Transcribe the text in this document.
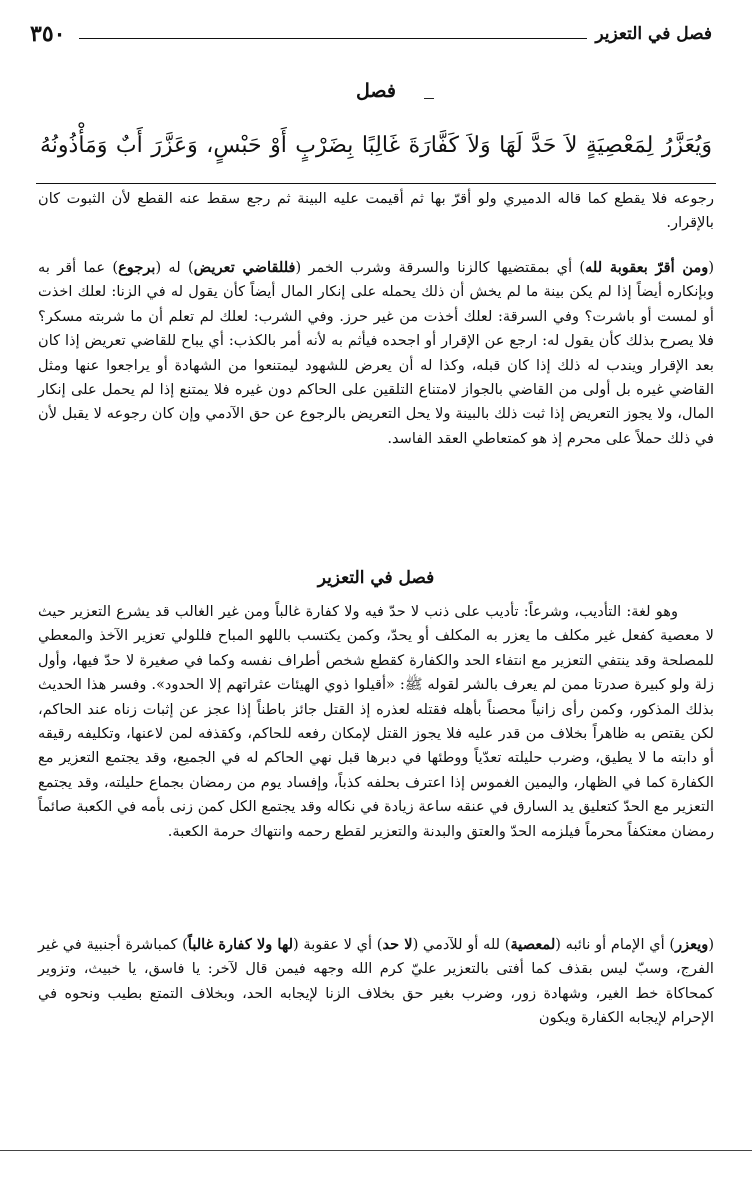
٣٥٠	فصل في التعزير
فصل
وَيُعَزَّرُ لِمَعْصِيَةٍ لاَ حَدَّ لَهَا وَلاَ كَفَّارَةَ غَالِبًا بِضَرْبٍ أَوْ حَبْسٍ، وَعَزَّرَ أَبٌ وَمَأْذُونُهُ

رجوعه فلا يقطع كما قاله الدميري ولو أقرّ بها ثم أقيمت عليه البينة ثم رجع سقط عنه القطع لأن الثبوت كان بالإقرار.

(ومن أقرّ بعقوبة لله) أي بمقتضيها كالزنا والسرقة وشرب الخمر (فللقاضي تعريض) له (برجوع) عما أقر به وبإنكاره أيضاً إذا لم يكن بينة ما لم يخش أن ذلك يحمله على إنكار المال أيضاً كأن يقول له في الزنا: لعلك اخذت أو لمست أو باشرت؟ وفي السرقة: لعلك أخذت من غير حرز. وفي الشرب: لعلك لم تعلم أن ما شربته مسكر؟ فلا يصرح بذلك كأن يقول له: ارجع عن الإقرار أو اجحده فيأثم به لأنه أمر بالكذب: أي يباح للقاضي تعريض إذا كان بعد الإقرار ويندب له ذلك إذا كان قبله، وكذا له أن يعرض للشهود ليمتنعوا من الشهادة أو يراجعوا عنها ومثل القاضي غيره بل أولى من القاضي بالجواز لامتناع التلقين على الحاكم دون غيره فلا يمتنع إذا لم يحمل على إنكار المال، ولا يجوز التعريض إذا ثبت ذلك بالبينة ولا يحل التعريض بالرجوع عن حق الآدمي وإن كان رجوعه لا يقبل لأن في ذلك حملاً على محرم إذ هو كمتعاطي العقد الفاسد.

فصل في التعزير

وهو لغة: التأديب، وشرعاً: تأديب على ذنب لا حدّ فيه ولا كفارة غالباً ومن غير الغالب قد يشرع التعزير حيث لا معصية كفعل غير مكلف ما يعزر به المكلف أو يحدّ، وكمن يكتسب باللهو المباح فللولي تعزير الآخذ والمعطي للمصلحة وقد ينتفي التعزير مع انتفاء الحد والكفارة كقطع شخص أطراف نفسه وكما في صغيرة لا حدّ فيها، وأول زلة ولو كبيرة صدرتا ممن لم يعرف بالشر لقوله ﷺ: «أقيلوا ذوي الهيئات عثراتهم إلا الحدود». وفسر هذا الحديث بذلك المذكور، وكمن رأى زانياً محصناً بأهله فقتله لعذره إذ القتل جائز باطناً إذا عجز عن إثبات زناه عند الحاكم، لكن يقتص به ظاهراً بخلاف من قدر عليه فلا يجوز القتل لإمكان رفعه للحاكم، وكقذفه لمن لاعنها، وتكليفه رقيقه أو دابته ما لا يطيق، وضرب حليلته تعدّياً ووطئها في دبرها قبل نهي الحاكم له في الجميع، وقد يجتمع التعزير مع الكفارة كما في الظهار، واليمين الغموس إذا اعترف بحلفه كذباً، وإفساد يوم من رمضان بجماع حليلته، وقد يجتمع التعزير مع الحدّ كتعليق يد السارق في عنقه ساعة زيادة في نكاله وقد يجتمع الكل كمن زنى بأمه في الكعبة صائماً رمضان معتكفاً محرماً فيلزمه الحدّ والعتق والبدنة والتعزير لقطع رحمه وانتهاك حرمة الكعبة.

(ويعزر) أي الإمام أو نائبه (لمعصية) لله أو للآدمي (لا حد) أي لا عقوبة (لها ولا كفارة غالباً) كمباشرة أجنبية في غير الفرج، وسبّ ليس بقذف كما أفتى بالتعزير عليّ كرم الله وجهه فيمن قال لآخر: يا فاسق، يا خبيث، وتزوير كمحاكاة خط الغير، وشهادة زور، وضرب بغير حق بخلاف الزنا لإيجابه الحد، وبخلاف التمتع بطيب ونحوه في الإحرام لإيجابه الكفارة ويكون
